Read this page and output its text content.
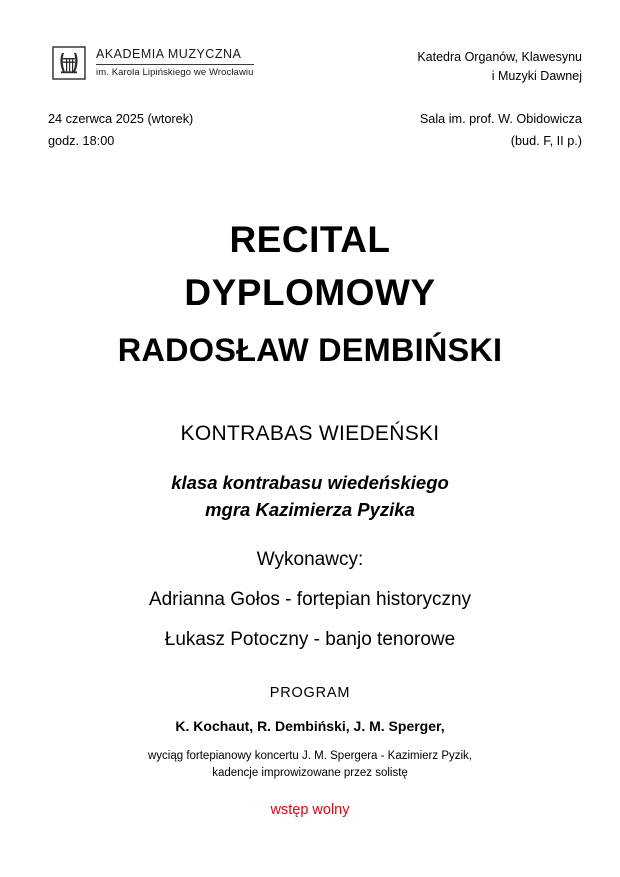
AKADEMIA MUZYCZNA
im. Karola Lipińskiego we Wrocławiu
Katedra Organów, Klawesynu
i Muzyki Dawnej
24 czerwca 2025 (wtorek)
godz. 18:00
Sala im. prof. W. Obidowicza
(bud. F, II p.)
RECITAL
DYPLOMOWY
RADOSŁAW DEMBIŃSKI
KONTRABAS WIEDEŃSKI
klasa kontrabasu wiedeńskiego
mgra Kazimierza Pyzika
Wykonawcy:
Adrianna Gołos - fortepian historyczny
Łukasz Potoczny - banjo tenorowe
PROGRAM
K. Kochaut, R. Dembiński, J. M. Sperger,
wyciąg fortepianowy koncertu J. M. Spergera - Kazimierz Pyzik,
kadencje improwizowane przez solistę
wstęp wolny
